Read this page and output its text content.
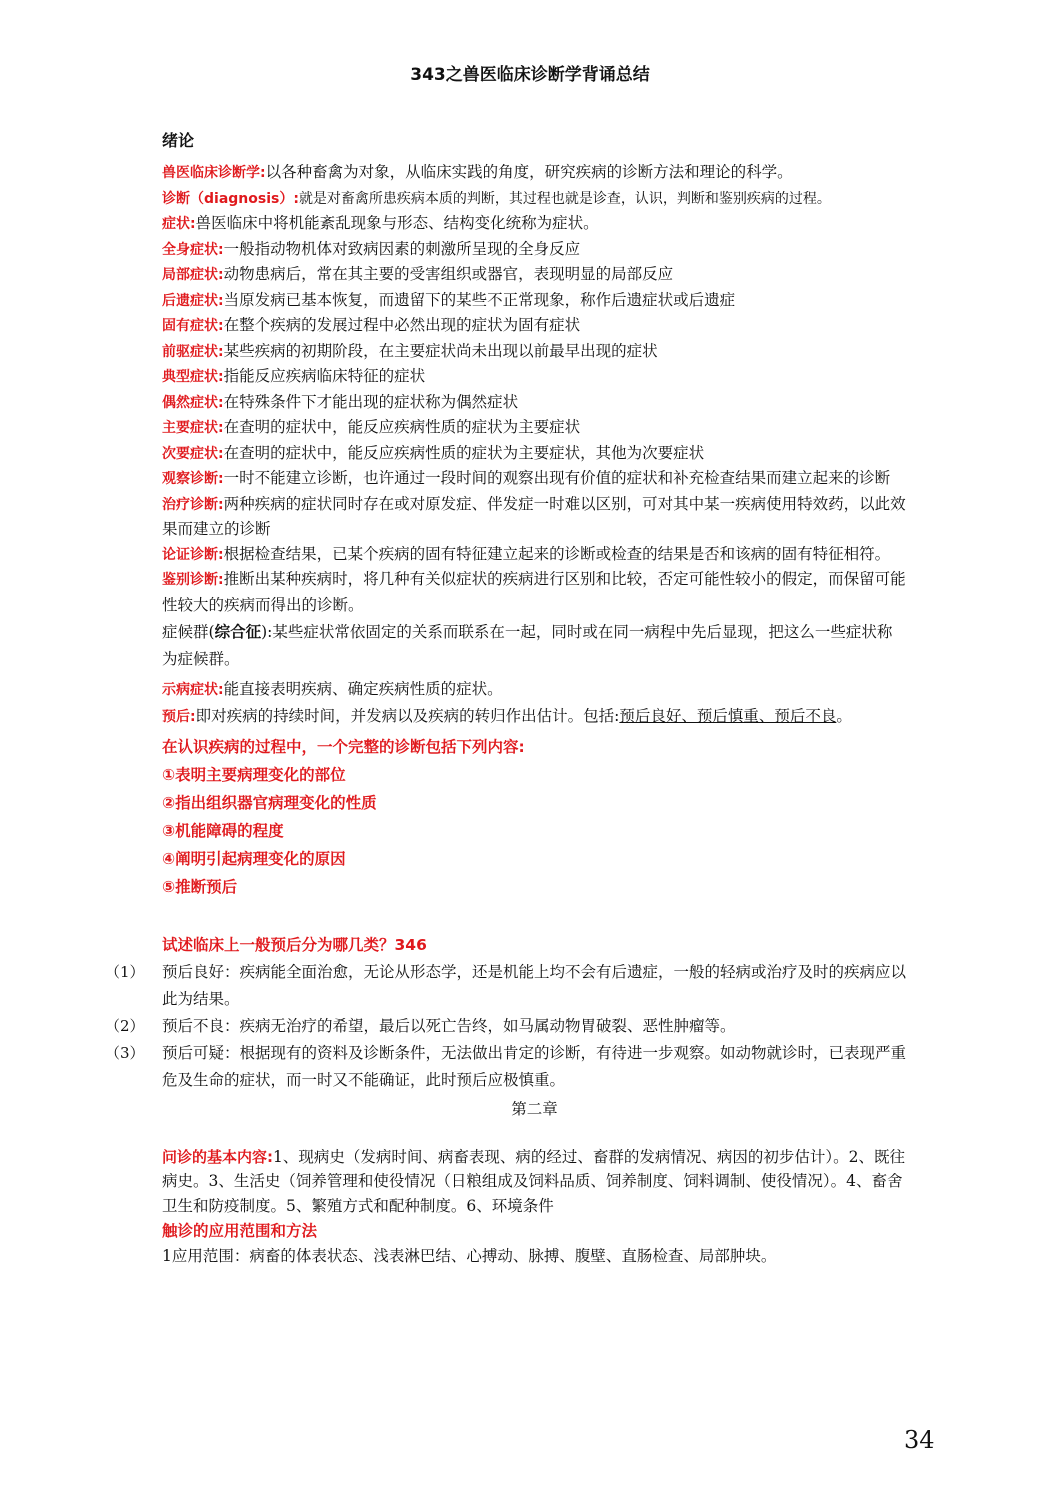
343之兽医临床诊断学背诵总结

绪论

兽医临床诊断学:以各种畜禽为对象，从临床实践的角度，研究疾病的诊断方法和理论的科学。

诊断（diagnosis）:就是对畜禽所患疾病本质的判断，其过程也就是诊查，认识，判断和鉴别疾病的过程。

症状:兽医临床中将机能紊乱现象与形态、结构变化统称为症状。

全身症状:一般指动物机体对致病因素的刺激所呈现的全身反应

局部症状:动物患病后，常在其主要的受害组织或器官，表现明显的局部反应

后遗症状:当原发病已基本恢复，而遗留下的某些不正常现象，称作后遗症状或后遗症

固有症状:在整个疾病的发展过程中必然出现的症状为固有症状

前驱症状:某些疾病的初期阶段，在主要症状尚未出现以前最早出现的症状

典型症状:指能反应疾病临床特征的症状

偶然症状:在特殊条件下才能出现的症状称为偶然症状

主要症状:在查明的症状中，能反应疾病性质的症状为主要症状

次要症状:在查明的症状中，能反应疾病性质的症状为主要症状，其他为次要症状

观察诊断:一时不能建立诊断，也许通过一段时间的观察出现有价值的症状和补充检查结果而建立起来的诊断

治疗诊断:两种疾病的症状同时存在或对原发症、伴发症一时难以区别，可对其中某一疾病使用特效药，以此效果而建立的诊断

论证诊断:根据检查结果，已某个疾病的固有特征建立起来的诊断或检查的结果是否和该病的固有特征相符。

鉴别诊断:推断出某种疾病时，将几种有关似症状的疾病进行区别和比较，否定可能性较小的假定，而保留可能性较大的疾病而得出的诊断。

症候群(综合征):某些症状常依固定的关系而联系在一起，同时或在同一病程中先后显现，把这么一些症状称为症候群。

示病症状:能直接表明疾病、确定疾病性质的症状。

预后:即对疾病的持续时间，并发病以及疾病的转归作出估计。包括:预后良好、预后慎重、预后不良。

在认识疾病的过程中，一个完整的诊断包括下列内容:

①表明主要病理变化的部位

②指出组织器官病理变化的性质

③机能障碍的程度

④阐明引起病理变化的原因

⑤推断预后

试述临床上一般预后分为哪几类？346

（1） 预后良好：疾病能全面治愈，无论从形态学，还是机能上均不会有后遗症，一般的轻病或治疗及时的疾病应以此为结果。

（2） 预后不良：疾病无治疗的希望，最后以死亡告终，如马属动物胃破裂、恶性肿瘤等。

（3） 预后可疑：根据现有的资料及诊断条件，无法做出肯定的诊断，有待进一步观察。如动物就诊时，已表现严重危及生命的症状，而一时又不能确证，此时预后应极慎重。

第二章

问诊的基本内容:1、现病史（发病时间、病畜表现、病的经过、畜群的发病情况、病因的初步估计）。2、既往病史。3、生活史（饲养管理和使役情况（日粮组成及饲料品质、饲养制度、饲料调制、使役情况）。4、畜舍卫生和防疫制度。5、繁殖方式和配种制度。6、环境条件

触诊的应用范围和方法

1应用范围：病畜的体表状态、浅表淋巴结、心搏动、脉搏、腹壁、直肠检查、局部肿块。

34
